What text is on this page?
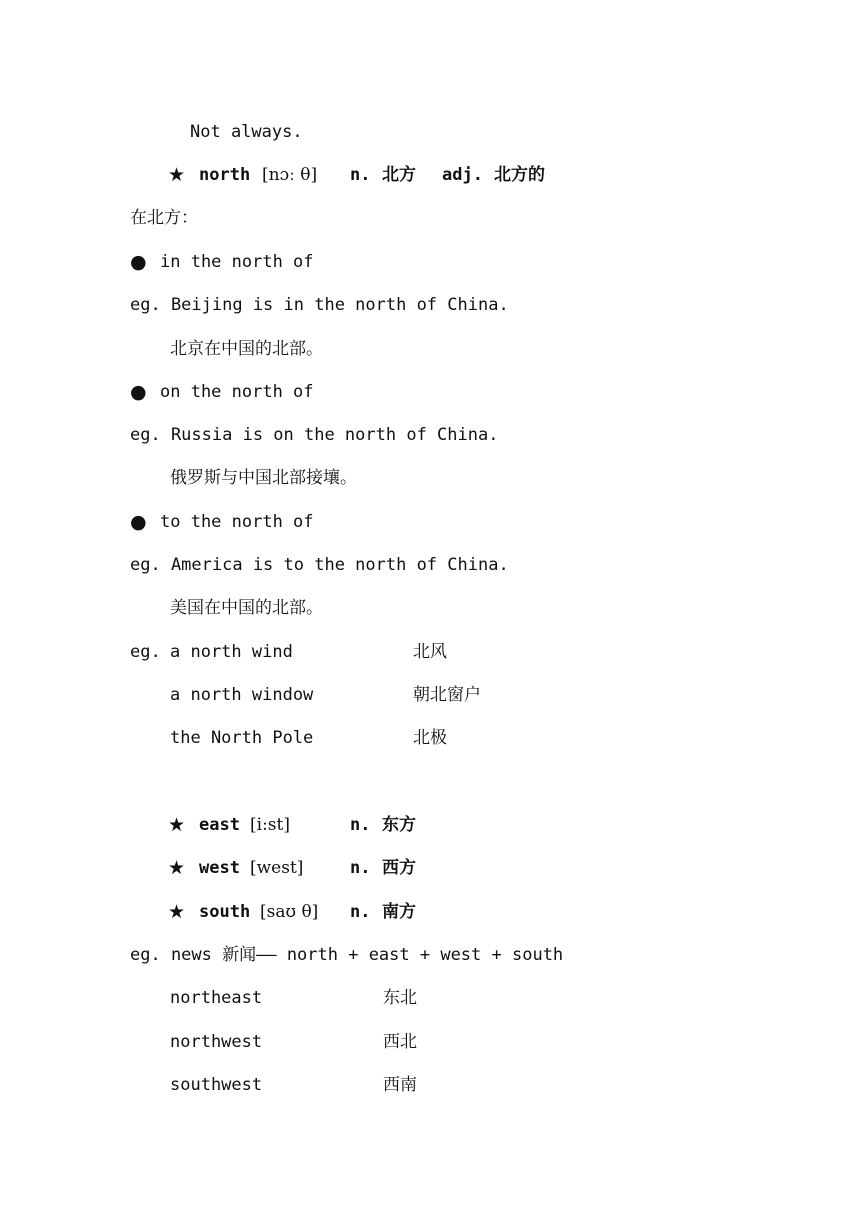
Not always.
★ north [nɔː θ] n. 北方 adj. 北方的
在北方：
● in the north of
eg. Beijing is in the north of China.
北京在中国的北部。
● on the north of
eg. Russia is on the north of China.
俄罗斯与中国北部接壤。
● to the north of
eg. America is to the north of China.
美国在中国的北部。
eg. a north wind	北风
a north window	朝北窗户
the North Pole	北极
★ east [i:st]	n. 东方
★ west [west]	n. 西方
★ south [saʊ θ] n. 南方
eg. news 新闻—— north + east + west + south
northeast	东北
northwest	西北
southwest	西南
